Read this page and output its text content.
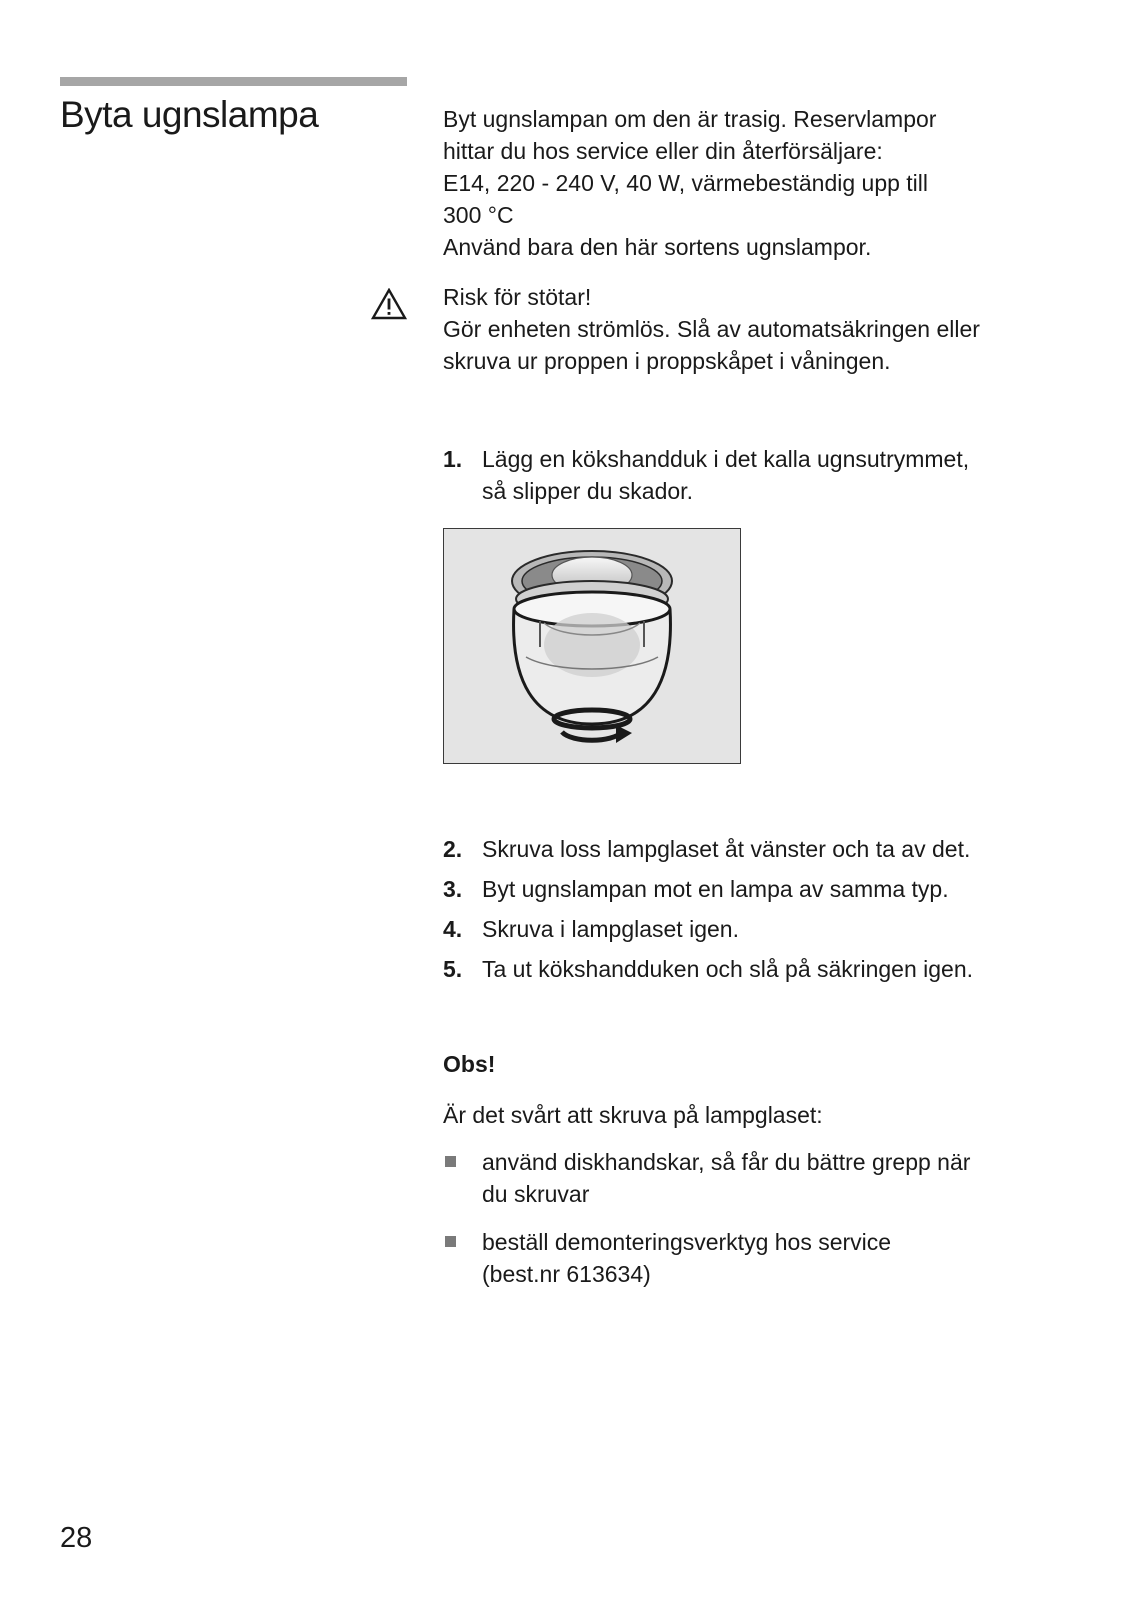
Byta ugnslampa	Byt ugnslampan om den är trasig. Reservlampor

hittar du hos service eller din återförsäljare:

E14, 220 - 240 V, 40 W, värmebeständig upp till

300 °C

Använd bara den här sortens ugnslampor.

Risk för stötar!

Gör enheten strömlös. Slå av automatsäkringen eller

skruva ur proppen i proppskåpet i våningen.

1. Lägg en kökshandduk i det kalla ugnsutrymmet,
så slipper du skador.
2. Skruva loss lampglaset åt vänster och ta av det.
3. Byt ugnslampan mot en lampa av samma typ.
4. Skruva i lampglaset igen.
5. Ta ut kökshandduken och slå på säkringen igen.
Obs!
Är det svårt att skruva på lampglaset:
använd diskhandskar, så får du bättre grepp när
du skruvar
beställ demonteringsverktyg hos service
(best.nr 613634)
28
